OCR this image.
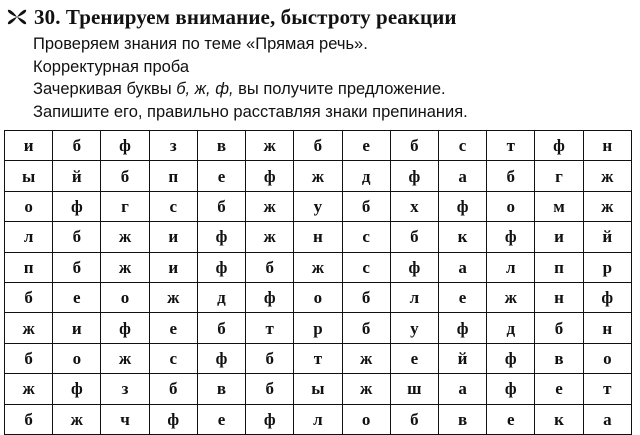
30. Тренируем внимание, быстроту реакции
Проверяем знания по теме «Прямая речь».
Корректурная проба
Зачеркивая буквы б, ж, ф, вы получите предложение.
Запишите его, правильно расставляя знаки препинания.
и	б	ф	з	в	ж	б	е	б	с	т	ф	н
ы	й	б	п	е	ф	ж	д	ф	а	б	г	ж
о	ф	г	с	б	ж	у	б	х	ф	о	м	ж
л	б	ж	и	ф	ж	н	с	б	к	ф	и	й
п	б	ж	и	ф	б	ж	с	ф	а	л	п	р
б	е	о	ж	д	ф	о	б	л	е	ж	н	ф
ж	и	ф	е	б	т	р	б	у	ф	д	б	н
б	о	ж	с	ф	б	т	ж	е	й	ф	в	о
ж	ф	з	б	в	б	ы	ж	ш	а	ф	е	т
б	ж	ч	ф	е	ф	л	о	б	в	е	к	а
